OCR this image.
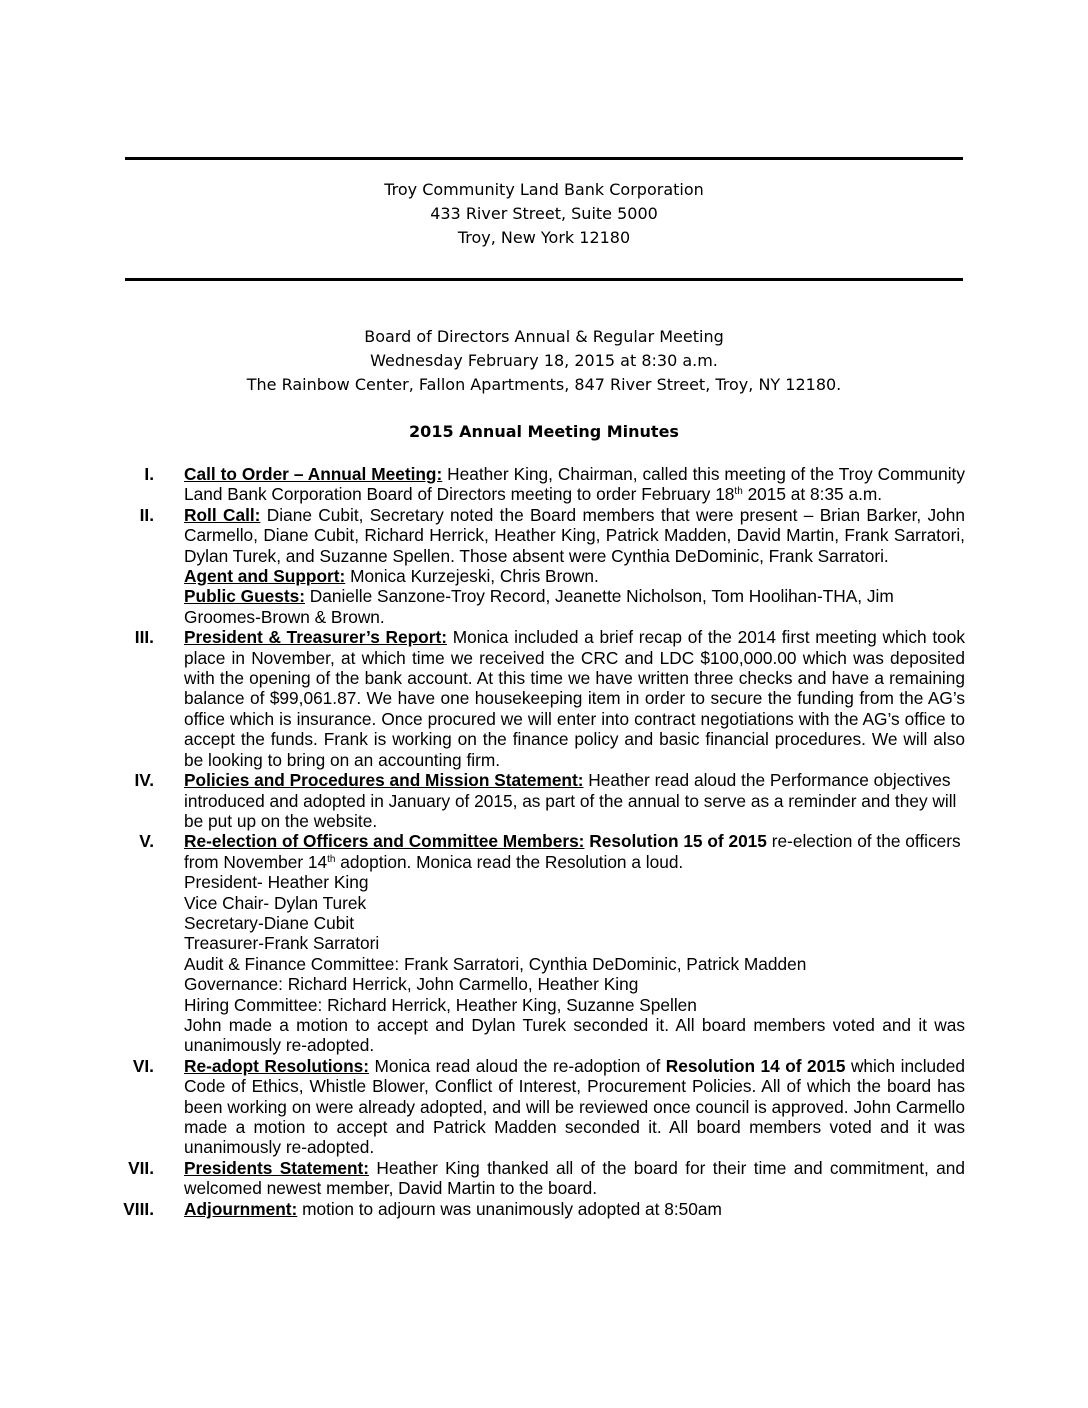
Troy Community Land Bank Corporation
433 River Street, Suite 5000
Troy, New York 12180
Board of Directors Annual & Regular Meeting
Wednesday February 18, 2015 at 8:30 a.m.
The Rainbow Center, Fallon Apartments, 847 River Street, Troy, NY 12180.
2015 Annual Meeting Minutes
I. Call to Order – Annual Meeting: Heather King, Chairman, called this meeting of the Troy Community Land Bank Corporation Board of Directors meeting to order February 18th 2015 at 8:35 a.m.

II. Roll Call: Diane Cubit, Secretary noted the Board members that were present – Brian Barker, John Carmello, Diane Cubit, Richard Herrick, Heather King, Patrick Madden, David Martin, Frank Sarratori, Dylan Turek, and Suzanne Spellen. Those absent were Cynthia DeDominic, Frank Sarratori.

Agent and Support: Monica Kurzejeski, Chris Brown.

Public Guests: Danielle Sanzone-Troy Record, Jeanette Nicholson, Tom Hoolihan-THA, Jim Groomes-Brown & Brown.

III. President & Treasurer’s Report: Monica included a brief recap of the 2014 first meeting which took place in November, at which time we received the CRC and LDC $100,000.00 which was deposited with the opening of the bank account. At this time we have written three checks and have a remaining balance of $99,061.87. We have one housekeeping item in order to secure the funding from the AG’s office which is insurance. Once procured we will enter into contract negotiations with the AG’s office to accept the funds. Frank is working on the finance policy and basic financial procedures. We will also be looking to bring on an accounting firm.

IV. Policies and Procedures and Mission Statement: Heather read aloud the Performance objectives introduced and adopted in January of 2015, as part of the annual to serve as a reminder and they will be put up on the website.

V. Re-election of Officers and Committee Members: Resolution 15 of 2015 re-election of the officers from November 14th adoption. Monica read the Resolution a loud.

President- Heather King

Vice Chair- Dylan Turek

Secretary-Diane Cubit

Treasurer-Frank Sarratori

Audit & Finance Committee: Frank Sarratori, Cynthia DeDominic, Patrick Madden

Governance: Richard Herrick, John Carmello, Heather King

Hiring Committee: Richard Herrick, Heather King, Suzanne Spellen

John made a motion to accept and Dylan Turek seconded it. All board members voted and it was unanimously re-adopted.

VI. Re-adopt Resolutions: Monica read aloud the re-adoption of Resolution 14 of 2015 which included Code of Ethics, Whistle Blower, Conflict of Interest, Procurement Policies. All of which the board has been working on were already adopted, and will be reviewed once council is approved. John Carmello made a motion to accept and Patrick Madden seconded it. All board members voted and it was unanimously re-adopted.

VII. Presidents Statement: Heather King thanked all of the board for their time and commitment, and welcomed newest member, David Martin to the board.

VIII. Adjournment: motion to adjourn was unanimously adopted at 8:50am
